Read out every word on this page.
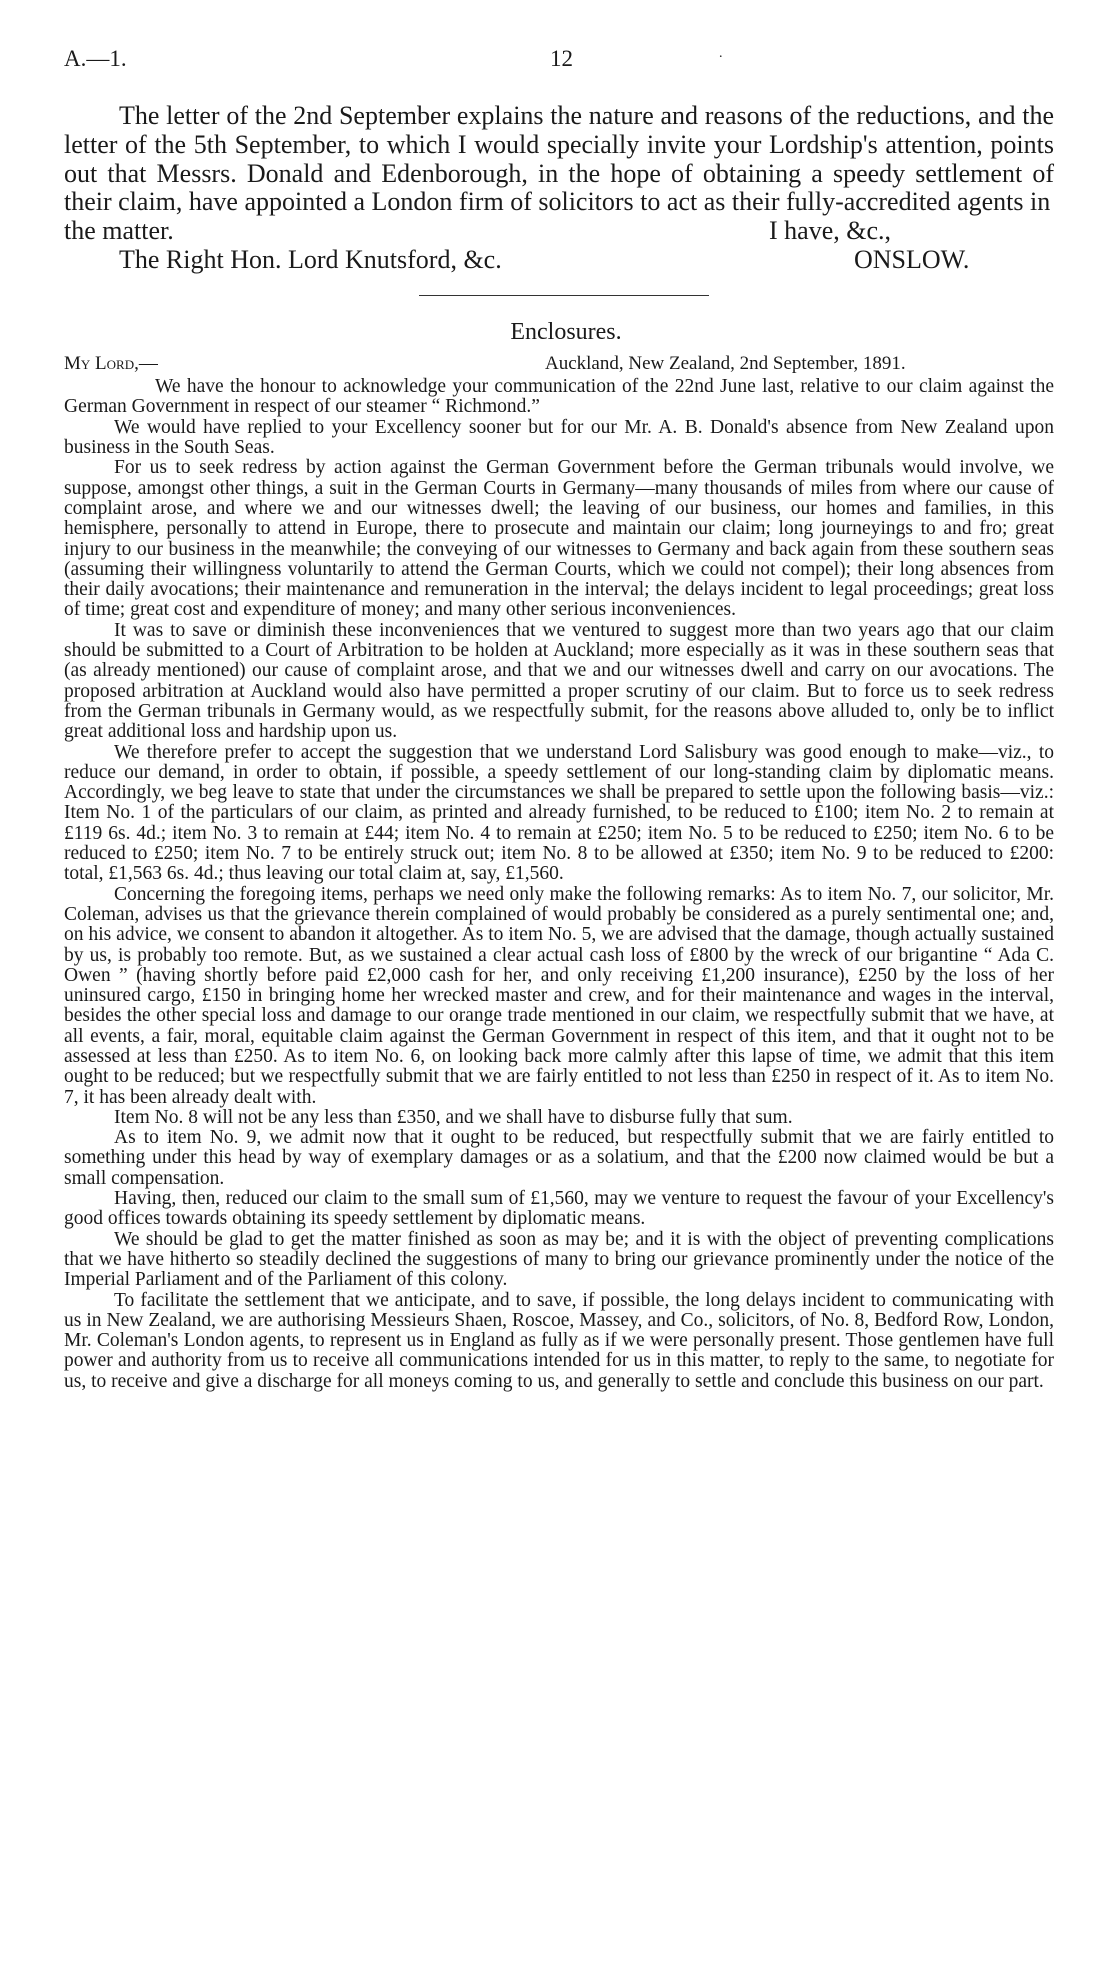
A.—1.	12	.

The letter of the 2nd September explains the nature and reasons of the reductions, and the letter of the 5th September, to which I would specially invite your Lordship's attention, points out that Messrs. Donald and Edenborough, in the hope of obtaining a speedy settlement of their claim, have appointed a London firm of solicitors to act as their fully-accredited agents in

the matter.	I have, &c.,
The Right Hon. Lord Knutsford, &c.	ONSLOW.
Enclosures.
My Lord,—	Auckland, New Zealand, 2nd September, 1891.

We have the honour to acknowledge your communication of the 22nd June last, relative to our claim against the German Government in respect of our steamer “ Richmond.”

We would have replied to your Excellency sooner but for our Mr. A. B. Donald's absence from New Zealand upon business in the South Seas.

For us to seek redress by action against the German Government before the German tribunals would involve, we suppose, amongst other things, a suit in the German Courts in Germany—many thousands of miles from where our cause of complaint arose, and where we and our witnesses dwell; the leaving of our business, our homes and families, in this hemisphere, personally to attend in Europe, there to prosecute and maintain our claim; long journeyings to and fro; great injury to our business in the meanwhile; the conveying of our witnesses to Germany and back again from these southern seas (assuming their willingness voluntarily to attend the German Courts, which we could not compel); their long absences from their daily avocations; their maintenance and remuneration in the interval; the delays incident to legal proceedings; great loss of time; great cost and expenditure of money; and many other serious inconveniences.

It was to save or diminish these inconveniences that we ventured to suggest more than two years ago that our claim should be submitted to a Court of Arbitration to be holden at Auckland; more especially as it was in these southern seas that (as already mentioned) our cause of complaint arose, and that we and our witnesses dwell and carry on our avocations. The proposed arbitration at Auckland would also have permitted a proper scrutiny of our claim. But to force us to seek redress from the German tribunals in Germany would, as we respectfully submit, for the reasons above alluded to, only be to inflict great additional loss and hardship upon us.

We therefore prefer to accept the suggestion that we understand Lord Salisbury was good enough to make—viz., to reduce our demand, in order to obtain, if possible, a speedy settlement of our long-standing claim by diplomatic means. Accordingly, we beg leave to state that under the circumstances we shall be prepared to settle upon the following basis—viz.: Item No. 1 of the particulars of our claim, as printed and already furnished, to be reduced to £100; item No. 2 to remain at £119 6s. 4d.; item No. 3 to remain at £44; item No. 4 to remain at £250; item No. 5 to be reduced to £250; item No. 6 to be reduced to £250; item No. 7 to be entirely struck out; item No. 8 to be allowed at £350; item No. 9 to be reduced to £200: total, £1,563 6s. 4d.; thus leaving our total claim at, say, £1,560.

Concerning the foregoing items, perhaps we need only make the following remarks: As to item No. 7, our solicitor, Mr. Coleman, advises us that the grievance therein complained of would probably be considered as a purely sentimental one; and, on his advice, we consent to abandon it altogether. As to item No. 5, we are advised that the damage, though actually sustained by us, is probably too remote. But, as we sustained a clear actual cash loss of £800 by the wreck of our brigantine “ Ada C. Owen ” (having shortly before paid £2,000 cash for her, and only receiving £1,200 insurance), £250 by the loss of her uninsured cargo, £150 in bringing home her wrecked master and crew, and for their maintenance and wages in the interval, besides the other special loss and damage to our orange trade mentioned in our claim, we respectfully submit that we have, at all events, a fair, moral, equitable claim against the German Government in respect of this item, and that it ought not to be assessed at less than £250. As to item No. 6, on looking back more calmly after this lapse of time, we admit that this item ought to be reduced; but we respectfully submit that we are fairly entitled to not less than £250 in respect of it. As to item No. 7, it has been already dealt with.

Item No. 8 will not be any less than £350, and we shall have to disburse fully that sum.

As to item No. 9, we admit now that it ought to be reduced, but respectfully submit that we are fairly entitled to something under this head by way of exemplary damages or as a solatium, and that the £200 now claimed would be but a small compensation.

Having, then, reduced our claim to the small sum of £1,560, may we venture to request the favour of your Excellency's good offices towards obtaining its speedy settlement by diplomatic means.

We should be glad to get the matter finished as soon as may be; and it is with the object of preventing complications that we have hitherto so steadily declined the suggestions of many to bring our grievance prominently under the notice of the Imperial Parliament and of the Parliament of this colony.

To facilitate the settlement that we anticipate, and to save, if possible, the long delays incident to communicating with us in New Zealand, we are authorising Messieurs Shaen, Roscoe, Massey, and Co., solicitors, of No. 8, Bedford Row, London, Mr. Coleman's London agents, to represent us in England as fully as if we were personally present. Those gentlemen have full power and authority from us to receive all communications intended for us in this matter, to reply to the same, to negotiate for us, to receive and give a discharge for all moneys coming to us, and generally to settle and conclude this business on our part.
